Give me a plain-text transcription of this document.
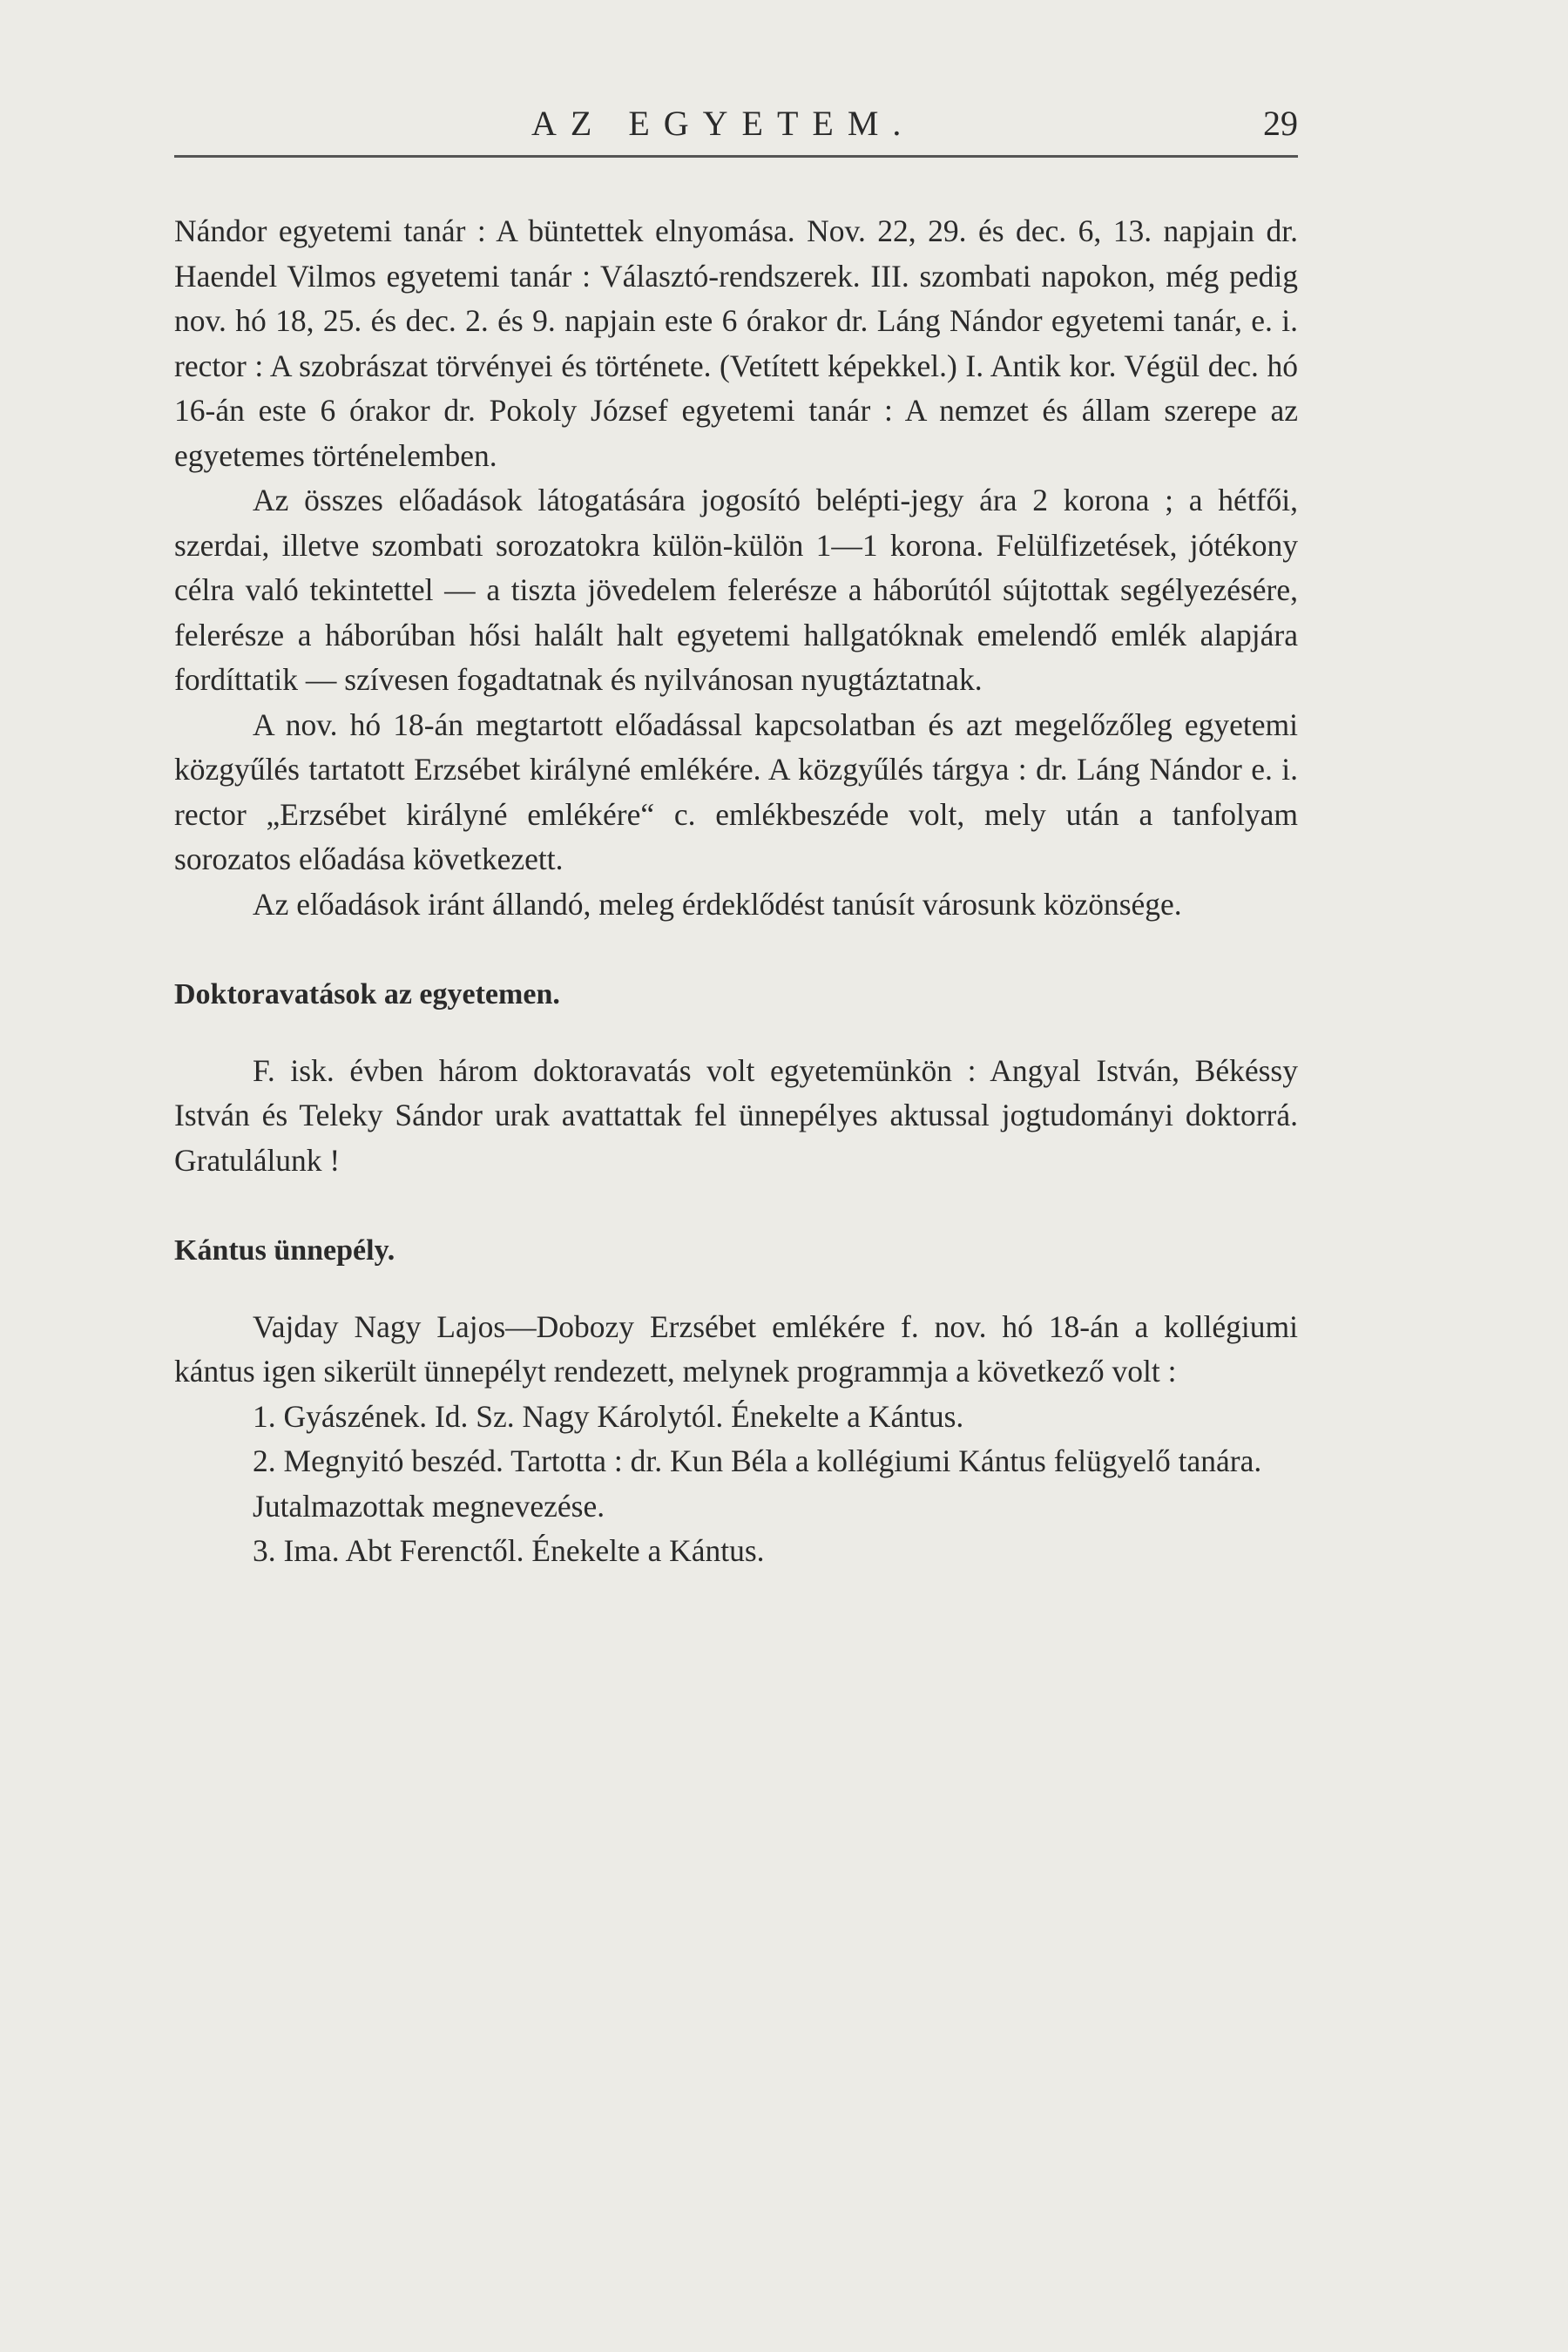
AZ EGYETEM.	29

Nándor egyetemi tanár : A büntettek elnyomása. Nov. 22, 29. és dec. 6, 13. napjain dr. Haendel Vilmos egyetemi tanár : Választó-rendszerek. III. szombati napokon, még pedig nov. hó 18, 25. és dec. 2. és 9. napjain este 6 órakor dr. Láng Nándor egyetemi tanár, e. i. rector : A szobrászat törvényei és története. (Vetített képekkel.) I. Antik kor. Végül dec. hó 16-án este 6 órakor dr. Pokoly József egyetemi tanár : A nemzet és állam szerepe az egyetemes történelemben.

Az összes előadások látogatására jogosító belépti-jegy ára 2 korona ; a hétfői, szerdai, illetve szombati sorozatokra külön-külön 1—1 korona. Felülfizetések, jótékony célra való tekintettel — a tiszta jövedelem felerésze a háborútól sújtottak segélyezésére, felerésze a háborúban hősi halált halt egyetemi hallgatóknak emelendő emlék alapjára fordíttatik — szívesen fogadtatnak és nyilvánosan nyugtáztatnak.

A nov. hó 18-án megtartott előadással kapcsolatban és azt megelőzőleg egyetemi közgyűlés tartatott Erzsébet királyné emlékére. A közgyűlés tárgya : dr. Láng Nándor e. i. rector „Erzsébet királyné emlékére“ c. emlékbeszéde volt, mely után a tanfolyam sorozatos előadása következett.

Az előadások iránt állandó, meleg érdeklődést tanúsít városunk közönsége.

Doktoravatások az egyetemen.

F. isk. évben három doktoravatás volt egyetemünkön : Angyal István, Békéssy István és Teleky Sándor urak avattattak fel ünnepélyes aktussal jogtudományi doktorrá. Gratulálunk !

Kántus ünnepély.

Vajday Nagy Lajos—Dobozy Erzsébet emlékére f. nov. hó 18-án a kollégiumi kántus igen sikerült ünnepélyt rendezett, melynek programmja a következő volt :

1. Gyászének. Id. Sz. Nagy Károlytól. Énekelte a Kántus.

2. Megnyitó beszéd. Tartotta : dr. Kun Béla a kollégiumi Kántus felügyelő tanára.

Jutalmazottak megnevezése.

3. Ima. Abt Ferenctől. Énekelte a Kántus.
